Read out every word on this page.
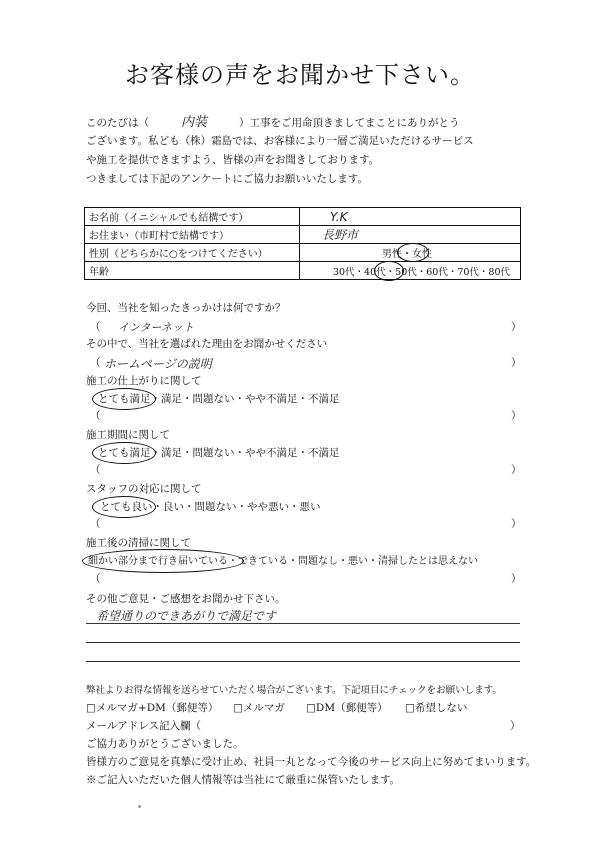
お客様の声をお聞かせ下さい。
このたびは（ 内装	）工事をご用命頂きましてまことにありがとう
ございます。私ども（株）霜島では、お客様により一層ご満足いただけるサービス
や施工を提供できますよう、皆様の声をお聞きしております。
つきましては下記のアンケートにご協力お願いいたします。
お名前（イニシャルでも結構です）	Y.K
お住まい（市町村で結構です）	長野市
性別（どちらかに○をつけてください）	男性・女性
年齢	30代・40代・50代・60代・70代・80代
今回、当社を知ったきっかけは何ですか？
（ インターネット	）
その中で、当社を選ばれた理由をお聞かせください
（ ホームページの説明	）
施工の仕上がりに関して
とても満足・満足・問題ない・やや不満足・不満足
（	）
施工期間に関して
とても満足・満足・問題ない・やや不満足・不満足
（	）
スタッフの対応に関して
とても良い・良い・問題ない・やや悪い・悪い
（	）
施工後の清掃に関して
細かい部分まで行き届いている・できている・問題なし・悪い・清掃したとは思えない
（	）
その他ご意見・ご感想をお聞かせ下さい。
希望通りのできあがりで満足です
弊社よりお得な情報を送らせていただく場合がございます。下記項目にチェックをお願いします。
□メルマガ+DM（郵便等） □メルマガ □DM（郵便等） □希望しない
メールアドレス記入欄（	）
ご協力ありがとうございました。
皆様方のご意見を真摯に受け止め、社員一丸となって今後のサービス向上に努めてまいります。
※ご記入いただいた個人情報等は当社にて厳重に保管いたします。
